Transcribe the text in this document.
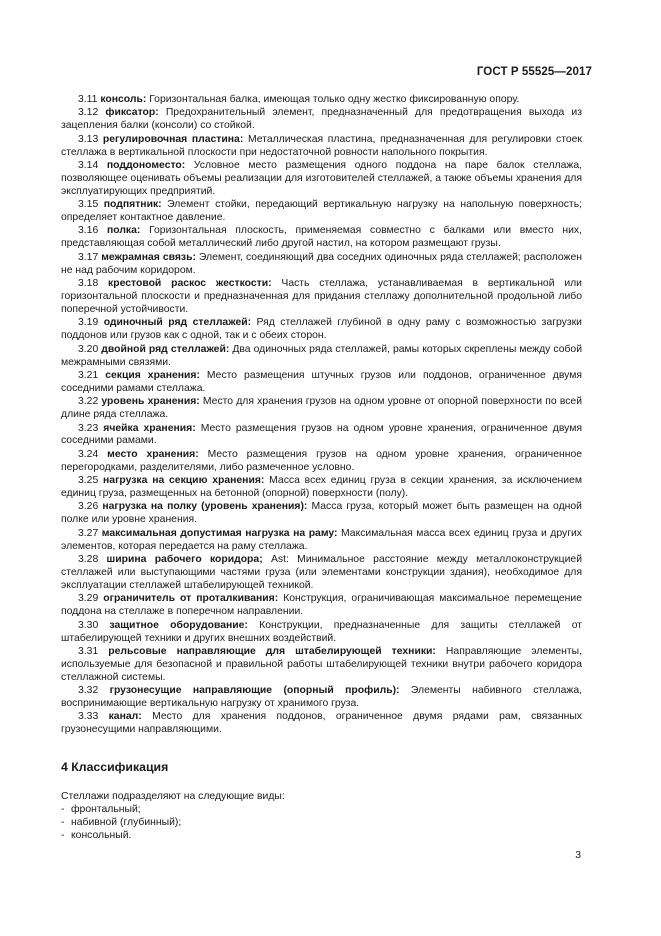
ГОСТ Р 55525—2017

3.11 консоль: Горизонтальная балка, имеющая только одну жестко фиксированную опору.

3.12 фиксатор: Предохранительный элемент, предназначенный для предотвращения выхода из зацепления балки (консоли) со стойкой.

3.13 регулировочная пластина: Металлическая пластина, предназначенная для регулировки стоек стеллажа в вертикальной плоскости при недостаточной ровности напольного покрытия.

3.14 поддономесто: Условное место размещения одного поддона на паре балок стеллажа, позволяющее оценивать объемы реализации для изготовителей стеллажей, а также объемы хранения для эксплуатирующих предприятий.

3.15 подпятник: Элемент стойки, передающий вертикальную нагрузку на напольную поверхность; определяет контактное давление.

3.16 полка: Горизонтальная плоскость, применяемая совместно с балками или вместо них, представляющая собой металлический либо другой настил, на котором размещают грузы.

3.17 межрамная связь: Элемент, соединяющий два соседних одиночных ряда стеллажей; расположен не над рабочим коридором.

3.18 крестовой раскос жесткости: Часть стеллажа, устанавливаемая в вертикальной или горизонтальной плоскости и предназначенная для придания стеллажу дополнительной продольной либо поперечной устойчивости.

3.19 одиночный ряд стеллажей: Ряд стеллажей глубиной в одну раму с возможностью загрузки поддонов или грузов как с одной, так и с обеих сторон.

3.20 двойной ряд стеллажей: Два одиночных ряда стеллажей, рамы которых скреплены между собой межрамными связями.

3.21 секция хранения: Место размещения штучных грузов или поддонов, ограниченное двумя соседними рамами стеллажа.

3.22 уровень хранения: Место для хранения грузов на одном уровне от опорной поверхности по всей длине ряда стеллажа.

3.23 ячейка хранения: Место размещения грузов на одном уровне хранения, ограниченное двумя соседними рамами.

3.24 место хранения: Место размещения грузов на одном уровне хранения, ограниченное перегородками, разделителями, либо размеченное условно.

3.25 нагрузка на секцию хранения: Масса всех единиц груза в секции хранения, за исключением единиц груза, размещенных на бетонной (опорной) поверхности (полу).

3.26 нагрузка на полку (уровень хранения): Масса груза, который может быть размещен на одной полке или уровне хранения.

3.27 максимальная допустимая нагрузка на раму: Максимальная масса всех единиц груза и других элементов, которая передается на раму стеллажа.

3.28 ширина рабочего коридора; Ast: Минимальное расстояние между металлоконструкцией стеллажей или выступающими частями груза (или элементами конструкции здания), необходимое для эксплуатации стеллажей штабелирующей техникой.

3.29 ограничитель от проталкивания: Конструкция, ограничивающая максимальное перемещение поддона на стеллаже в поперечном направлении.

3.30 защитное оборудование: Конструкции, предназначенные для защиты стеллажей от штабелирующей техники и других внешних воздействий.

3.31 рельсовые направляющие для штабелирующей техники: Направляющие элементы, используемые для безопасной и правильной работы штабелирующей техники внутри рабочего коридора стеллажной системы.

3.32 грузонесущие направляющие (опорный профиль): Элементы набивного стеллажа, воспринимающие вертикальную нагрузку от хранимого груза.

3.33 канал: Место для хранения поддонов, ограниченное двумя рядами рам, связанных грузонесущими направляющими.

4 Классификация
Стеллажи подразделяют на следующие виды:
- фронтальный;
- набивной (глубинный);
- консольный.
3
